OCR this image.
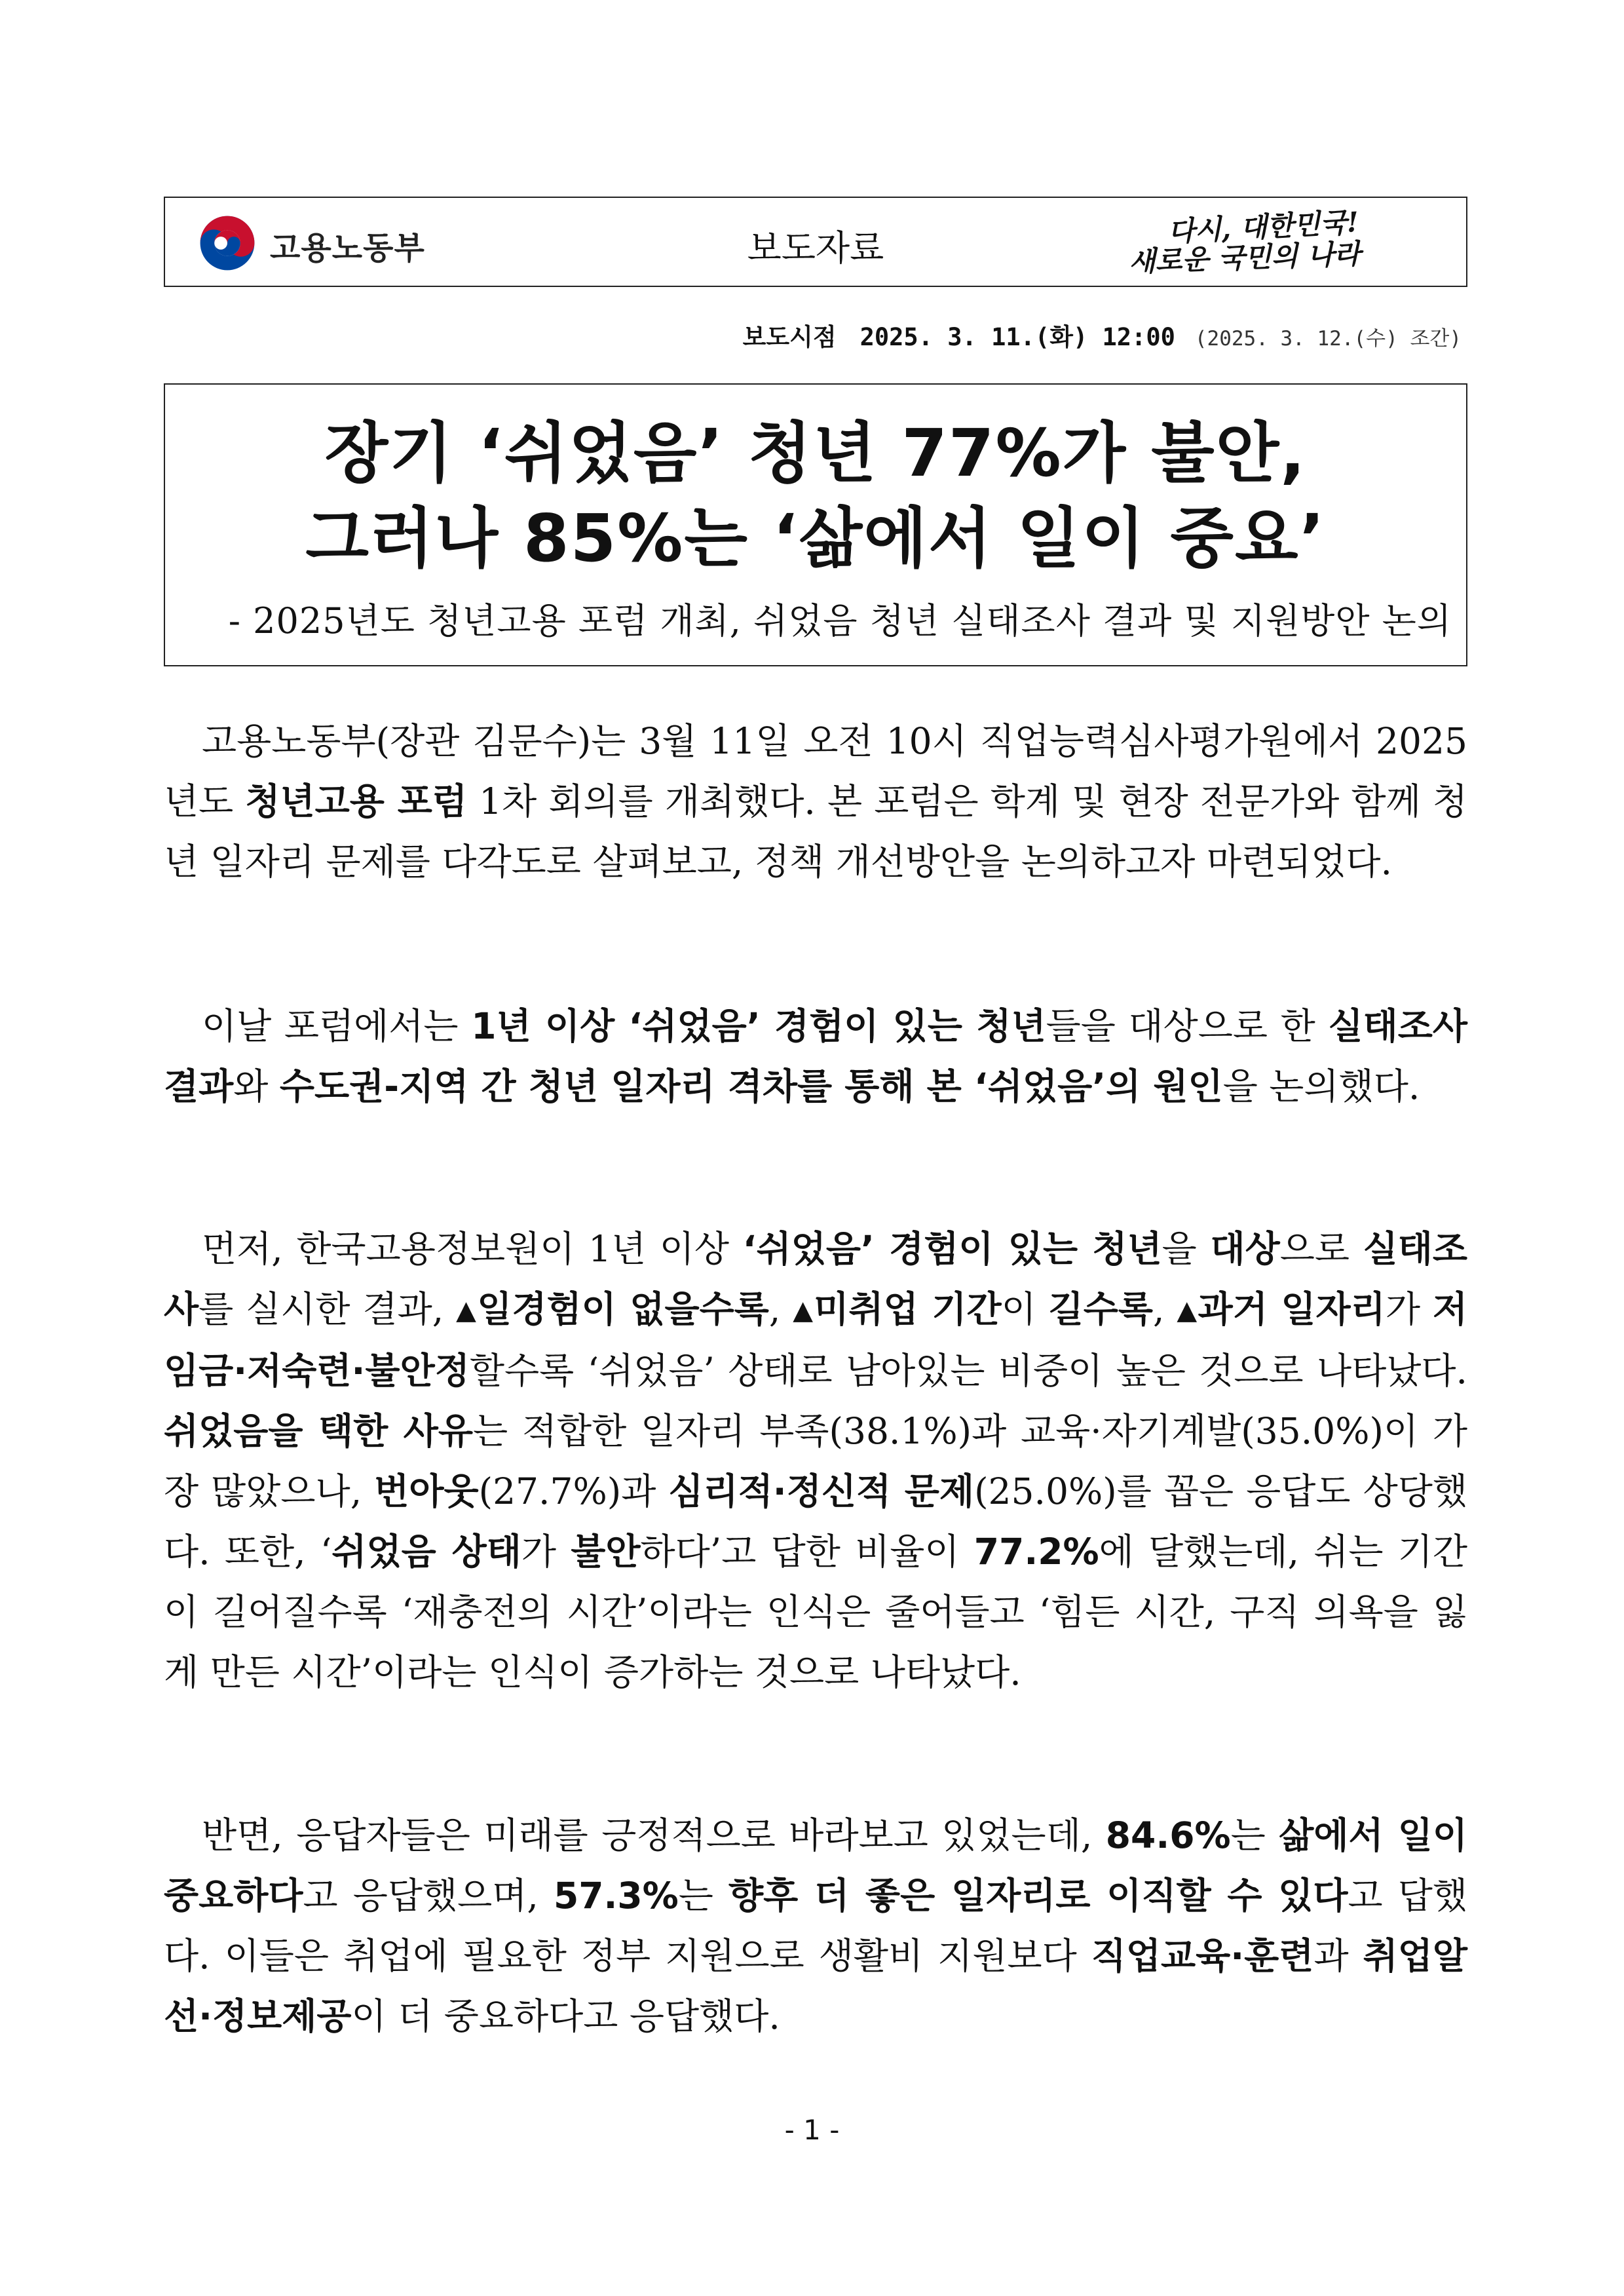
고용노동부	보도자료
다시, 대한민국!
새로운 국민의 나라
보도시점 2025. 3. 11.(화) 12:00 (2025. 3. 12.(수) 조간)
장기 ‘쉬었음’ 청년 77%가 불안,
그러나 85%는 ‘삶에서 일이 중요’
- 2025년도 청년고용 포럼 개최, 쉬었음 청년 실태조사 결과 및 지원방안 논의

고용노동부(장관 김문수)는 3월 11일 오전 10시 직업능력심사평가원에서 2025년도 청년고용 포럼 1차 회의를 개최했다. 본 포럼은 학계 및 현장 전문가와 함께 청년 일자리 문제를 다각도로 살펴보고, 정책 개선방안을 논의하고자 마련되었다.

이날 포럼에서는 1년 이상 ‘쉬었음’ 경험이 있는 청년들을 대상으로 한 실태조사 결과와 수도권-지역 간 청년 일자리 격차를 통해 본 ‘쉬었음’의 원인을 논의했다.

먼저, 한국고용정보원이 1년 이상 ‘쉬었음’ 경험이 있는 청년을 대상으로 실태조사를 실시한 결과, ▲일경험이 없을수록, ▲미취업 기간이 길수록, ▲과거 일자리가 저임금·저숙련·불안정할수록 ‘쉬었음’ 상태로 남아있는 비중이 높은 것으로 나타났다. 쉬었음을 택한 사유는 적합한 일자리 부족(38.1%)과 교육·자기계발(35.0%)이 가장 많았으나, 번아웃(27.7%)과 심리적·정신적 문제(25.0%)를 꼽은 응답도 상당했다. 또한, ‘쉬었음 상태가 불안하다’고 답한 비율이 77.2%에 달했는데, 쉬는 기간이 길어질수록 ‘재충전의 시간’이라는 인식은 줄어들고 ‘힘든 시간, 구직 의욕을 잃게 만든 시간’이라는 인식이 증가하는 것으로 나타났다.

반면, 응답자들은 미래를 긍정적으로 바라보고 있었는데, 84.6%는 삶에서 일이 중요하다고 응답했으며, 57.3%는 향후 더 좋은 일자리로 이직할 수 있다고 답했다. 이들은 취업에 필요한 정부 지원으로 생활비 지원보다 직업교육·훈련과 취업알선·정보제공이 더 중요하다고 응답했다.

- 1 -
